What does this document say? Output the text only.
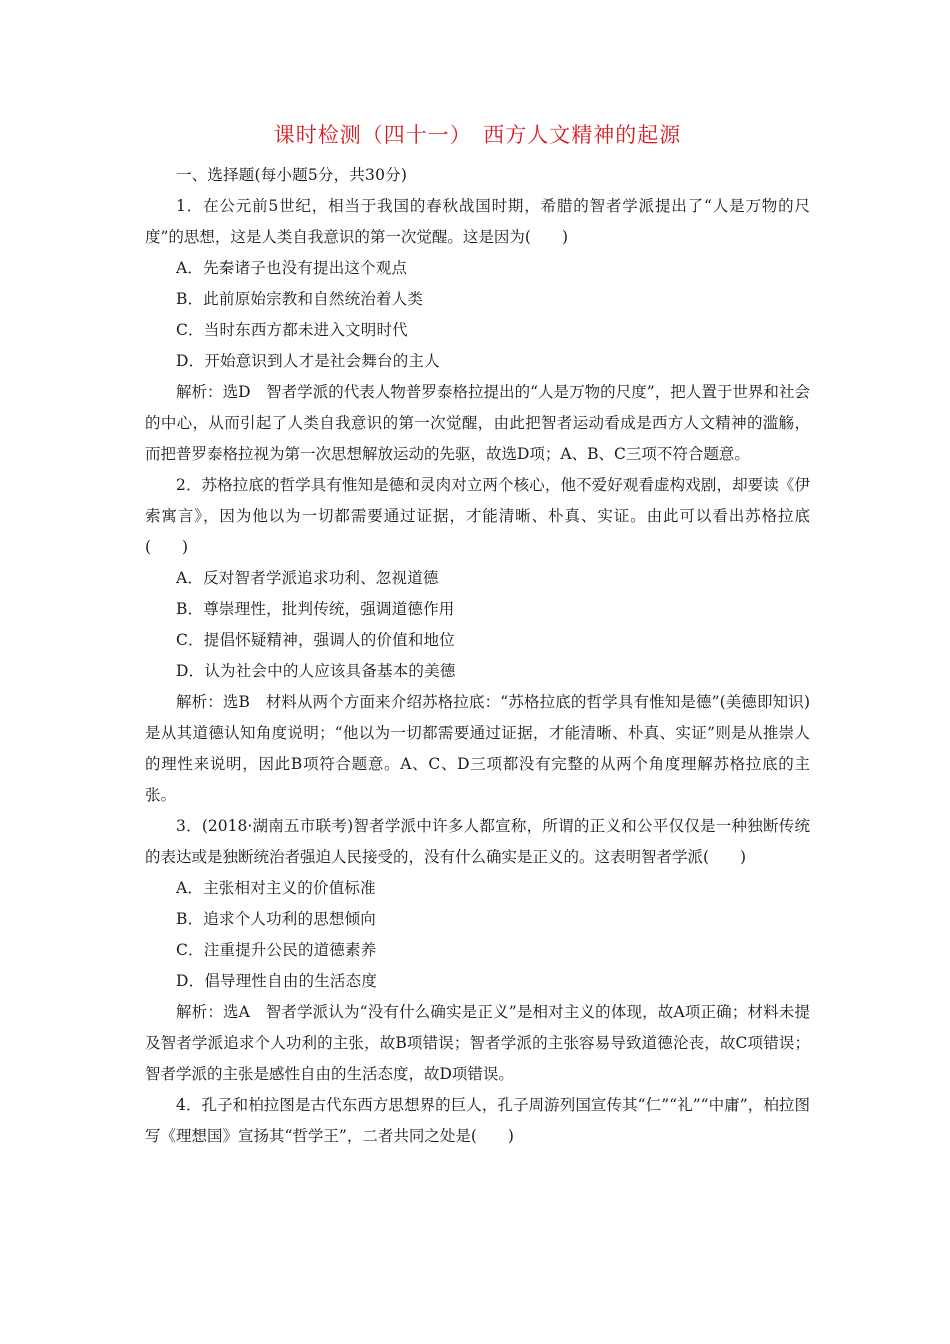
课时检测（四十一）　西方人文精神的起源
一、选择题(每小题5分，共30分)

1．在公元前5世纪，相当于我国的春秋战国时期，希腊的智者学派提出了“人是万物的尺度”的思想，这是人类自我意识的第一次觉醒。这是因为(　　)

A．先秦诸子也没有提出这个观点
B．此前原始宗教和自然统治着人类
C．当时东西方都未进入文明时代
D．开始意识到人才是社会舞台的主人

解析：选D　智者学派的代表人物普罗泰格拉提出的“人是万物的尺度”，把人置于世界和社会的中心，从而引起了人类自我意识的第一次觉醒，由此把智者运动看成是西方人文精神的滥觞，而把普罗泰格拉视为第一次思想解放运动的先驱，故选D项；A、B、C三项不符合题意。

2．苏格拉底的哲学具有惟知是德和灵肉对立两个核心，他不爱好观看虚构戏剧，却要读《伊索寓言》，因为他以为一切都需要通过证据，才能清晰、朴真、实证。由此可以看出苏格拉底(　　)

A．反对智者学派追求功利、忽视道德
B．尊崇理性，批判传统，强调道德作用
C．提倡怀疑精神，强调人的价值和地位
D．认为社会中的人应该具备基本的美德

解析：选B　材料从两个方面来介绍苏格拉底：“苏格拉底的哲学具有惟知是德”(美德即知识)是从其道德认知角度说明；“他以为一切都需要通过证据，才能清晰、朴真、实证”则是从推崇人的理性来说明，因此B项符合题意。A、C、D三项都没有完整的从两个角度理解苏格拉底的主张。

3．(2018·湖南五市联考)智者学派中许多人都宣称，所谓的正义和公平仅仅是一种独断传统的表达或是独断统治者强迫人民接受的，没有什么确实是正义的。这表明智者学派(　　)

A．主张相对主义的价值标准
B．追求个人功利的思想倾向
C．注重提升公民的道德素养
D．倡导理性自由的生活态度

解析：选A　智者学派认为“没有什么确实是正义”是相对主义的体现，故A项正确；材料未提及智者学派追求个人功利的主张，故B项错误；智者学派的主张容易导致道德沦丧，故C项错误；智者学派的主张是感性自由的生活态度，故D项错误。

4．孔子和柏拉图是古代东西方思想界的巨人，孔子周游列国宣传其“仁”“礼”“中庸”，柏拉图写《理想国》宣扬其“哲学王”，二者共同之处是(　　)
